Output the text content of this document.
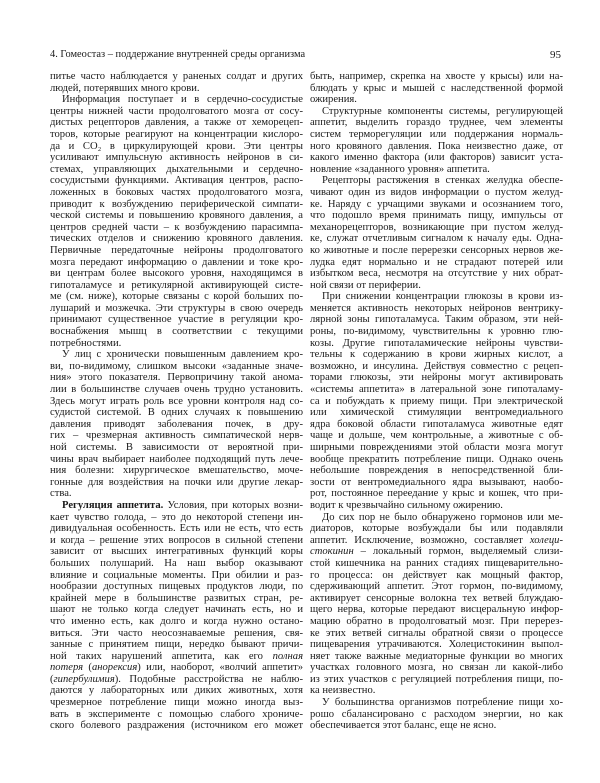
4. Гомеостаз – поддержание внутренней среды организма	95
питье часто наблюдается у раненых солдат и других
людей, потерявших много крови.
Информация поступает и в сердечно-сосудистые
центры нижней части продолговатого мозга от сосу-
дистых рецепторов давления, а также от хеморецеп-
торов, которые реагируют на концентрации кислоро-
да и CO₂ в циркулирующей крови. Эти центры
усиливают импульсную активность нейронов в си-
стемах, управляющих дыхательными и сердечно-
сосудистыми функциями. Активация центров, распо-
ложенных в боковых частях продолговатого мозга,
приводит к возбуждению периферической симпати-
ческой системы и повышению кровяного давления, а
центров средней части – к возбуждению парасимпа-
тических отделов и снижению кровяного давления.
Первичные передаточные нейроны продолговатого
мозга передают информацию о давлении и токе кро-
ви центрам более высокого уровня, находящимся в
гипоталамусе и ретикулярной активирующей систе-
ме (см. ниже), которые связаны с корой больших по-
лушарий и мозжечка. Эти структуры в свою очередь
принимают существенное участие в регуляции кро-
воснабжения мышц в соответствии с текущими
потребностями.
У лиц с хронически повышенным давлением кро-
ви, по-видимому, слишком высоки «заданные значе-
ния» этого показателя. Первопричину такой анома-
лии в большинстве случаев очень трудно установить.
Здесь могут играть роль все уровни контроля над со-
судистой системой. В одних случаях к повышению
давления приводят заболевания почек, в дру-
гих – чрезмерная активность симпатической нерв-
ной системы. В зависимости от вероятной при-
чины врач выбирает наиболее подходящий путь лече-
ния болезни: хирургическое вмешательство, моче-
гонные для воздействия на почки или другие лекар-
ства.
Регуляция аппетита. Условия, при которых возни-
кает чувство голода, – это до некоторой степени ин-
дивидуальная особенность. Есть или не есть, что́ есть
и когда – решение этих вопросов в сильной степени
зависит от высших интегративных функций коры
больших полушарий. На наш выбор оказывают
влияние и социальные моменты. При обилии и раз-
нообразии доступных пищевых продуктов люди, по
крайней мере в большинстве развитых стран, ре-
шают не только когда следует начинать есть, но и
что́ именно есть, как долго и когда нужно остано-
виться. Эти часто неосознаваемые решения, свя-
занные с принятием пищи, нередко бывают причи-
ной таких нарушений аппетита, как его полная
потеря (анорексия) или, наоборот, «волчий аппетит»
(гипербулимия). Подобные расстройства не наблю-
даются у лабораторных или диких животных, хотя
чрезмерное потребление пищи можно иногда выз-
вать в эксперименте с помощью слабого хрониче-
ского болевого раздражения (источником его может
быть, например, скрепка на хвосте у крысы) или на-
блюдать у крыс и мышей с наследственной формой
ожирения.
Структурные компоненты системы, регулирующей
аппетит, выделить гораздо труднее, чем элементы
систем терморегуляции или поддержания нормаль-
ного кровяного давления. Пока неизвестно даже, от
какого именно фактора (или факторов) зависит уста-
новление «заданного уровня» аппетита.
Рецепторы растяжения в стенках желудка обеспе-
чивают один из видов информации о пустом желуд-
ке. Наряду с урчащими звуками и осознанием того,
что подошло время принимать пищу, импульсы от
механорецепторов, возникающие при пустом желуд-
ке, служат отчетливым сигналом к началу еды. Одна-
ко животные и после перерезки сенсорных нервов же-
лудка едят нормально и не страдают потерей или
избытком веса, несмотря на отсутствие у них обрат-
ной связи от периферии.
При снижении концентрации глюкозы в крови из-
меняется активность некоторых нейронов вентрику-
лярной зоны гипоталамуса. Таким образом, эти ней-
роны, по-видимому, чувствительны к уровню глю-
козы. Другие гипоталамические нейроны чувстви-
тельны к содержанию в крови жирных кислот, а
возможно, и инсулина. Действуя совместно с рецеп-
торами глюкозы, эти нейроны могут активировать
«системы аппетита» в латеральной зоне гипоталаму-
са и побуждать к приему пищи. При электрической
или химической стимуляции вентромедиального
ядра боковой области гипоталамуса животные едят
чаще и дольше, чем контрольные, а животные с об-
ширными повреждениями этой области мозга могут
вообще прекратить потребление пищи. Однако очень
небольшие повреждения в непосредственной бли-
зости от вентромедиального ядра вызывают, наобо-
рот, постоянное переедание у крыс и кошек, что при-
водит к чрезвычайно сильному ожирению.
До сих пор не было обнаружено гормонов или ме-
диаторов, которые возбуждали бы или подавляли
аппетит. Исключение, возможно, составляет холеци-
стокинин – локальный гормон, выделяемый слизи-
стой кишечника на ранних стадиях пищеварительно-
го процесса: он действует как мощный фактор,
сдерживающий аппетит. Этот гормон, по-видимому,
активирует сенсорные волокна тех ветвей блуждаю-
щего нерва, которые передают висцеральную инфор-
мацию обратно в продолговатый мозг. При перерез-
ке этих ветвей сигналы обратной связи о процессе
пищеварения утрачиваются. Холецистокинин выпол-
няет также важные медиаторные функции во многих
участках головного мозга, но связан ли какой-либо
из этих участков с регуляцией потребления пищи, по-
ка неизвестно.
У большинства организмов потребление пищи хо-
рошо сбалансировано с расходом энергии, но как
обеспечивается этот баланс, еще не ясно.
